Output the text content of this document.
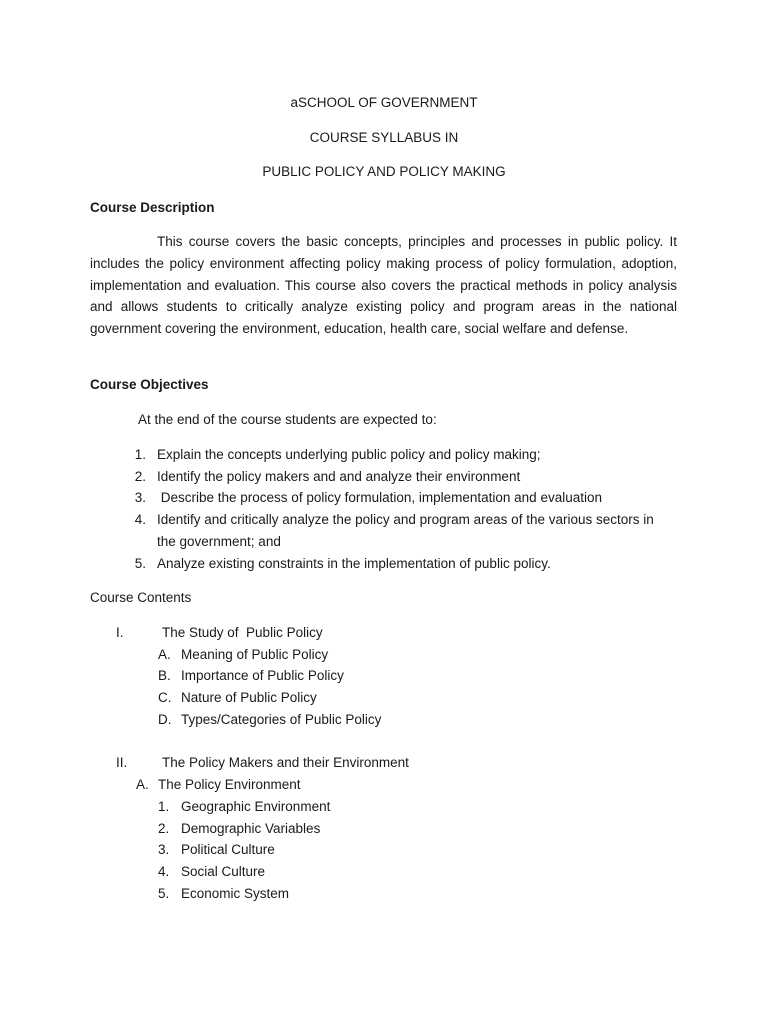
aSCHOOL OF GOVERNMENT
COURSE SYLLABUS IN
PUBLIC POLICY AND POLICY MAKING
Course Description
This course covers the basic concepts, principles and processes in public policy. It includes the policy environment affecting policy making process of policy formulation, adoption, implementation and evaluation. This course also covers the practical methods in policy analysis and allows students to critically analyze existing policy and program areas in the national government covering the environment, education, health care, social welfare and defense.
Course Objectives
At the end of the course students are expected to:
1. Explain the concepts underlying public policy and policy making;
2. Identify the policy makers and and analyze their environment
3. Describe the process of policy formulation, implementation and evaluation
4. Identify and critically analyze the policy and program areas of the various sectors in
the government; and
5. Analyze existing constraints in the implementation of public policy.
Course Contents
I.	The Study of  Public Policy
A. Meaning of Public Policy
B. Importance of Public Policy
C. Nature of Public Policy
D. Types/Categories of Public Policy
II.	The Policy Makers and their Environment
A. The Policy Environment
1. Geographic Environment
2. Demographic Variables
3. Political Culture
4. Social Culture
5. Economic System
